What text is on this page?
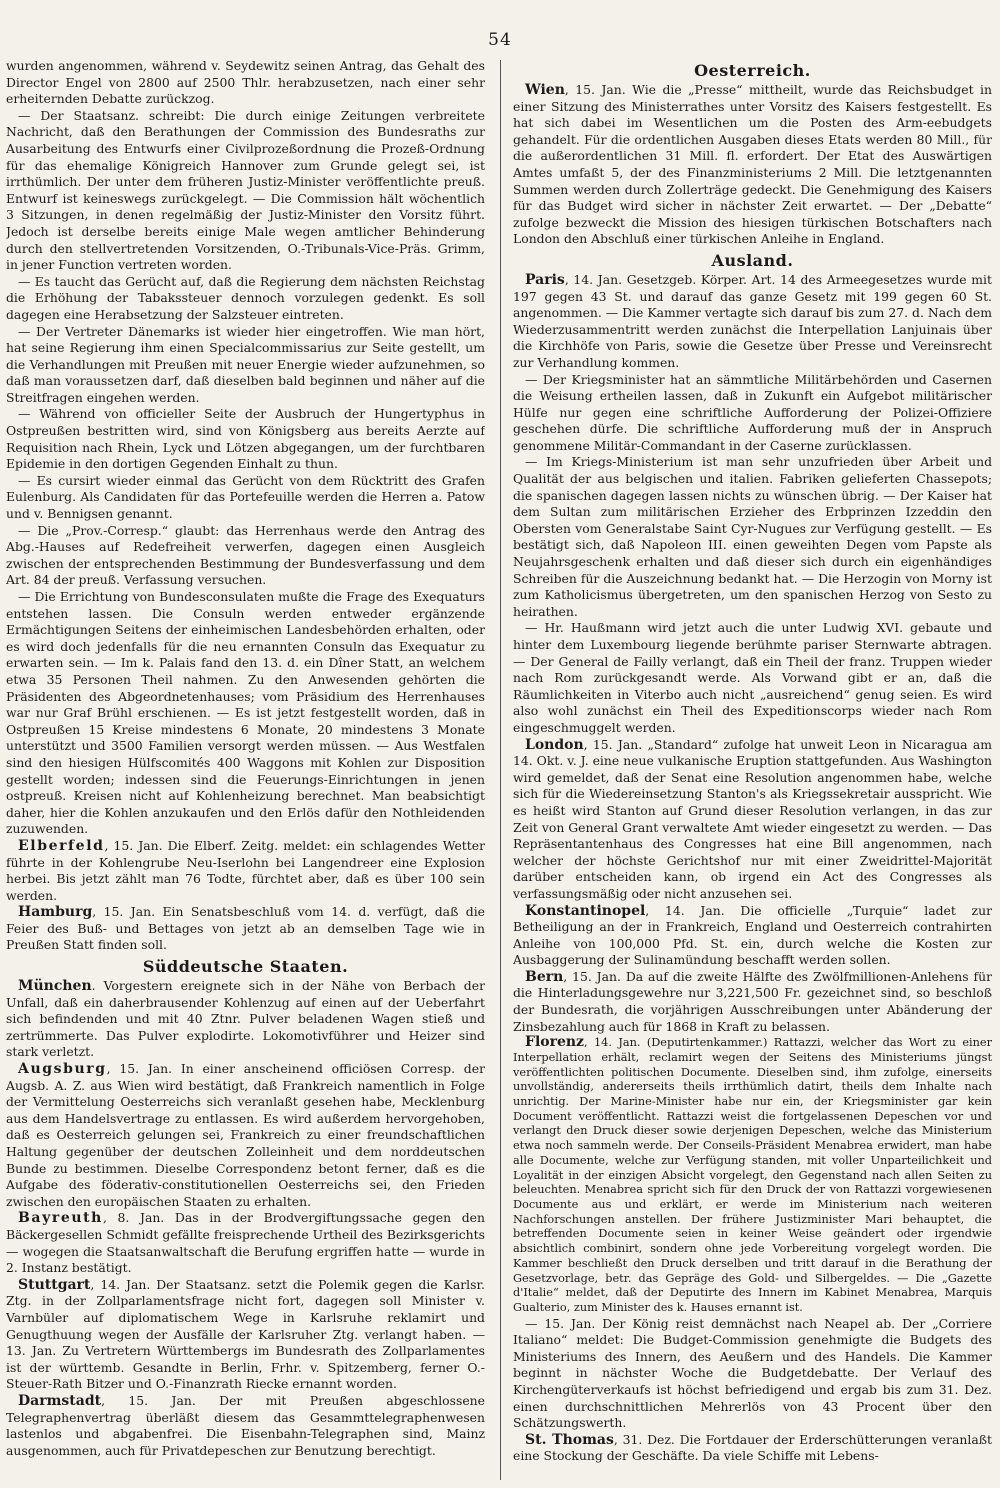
54

wurden angenommen, während v. Seydewitz seinen Antrag, das Gehalt des Director Engel von 2800 auf 2500 Thlr. herabzusetzen, nach einer sehr erheiternden Debatte zurückzog.

— Der Staatsanz. schreibt: Die durch einige Zeitungen verbreitete Nachricht, daß den Berathungen der Commission des Bundesraths zur Ausarbeitung des Entwurfs einer Civilprozeßordnung die Prozeß-Ordnung für das ehemalige Königreich Hannover zum Grunde gelegt sei, ist irrthümlich. Der unter dem früheren Justiz-Minister veröffentlichte preuß. Entwurf ist keineswegs zurückgelegt. — Die Commission hält wöchentlich 3 Sitzungen, in denen regelmäßig der Justiz-Minister den Vorsitz führt. Jedoch ist derselbe bereits einige Male wegen amtlicher Behinderung durch den stellvertretenden Vorsitzenden, O.-Tribunals-Vice-Präs. Grimm, in jener Function vertreten worden.

— Es taucht das Gerücht auf, daß die Regierung dem nächsten Reichstag die Erhöhung der Tabakssteuer dennoch vorzulegen gedenkt. Es soll dagegen eine Herabsetzung der Salzsteuer eintreten.

— Der Vertreter Dänemarks ist wieder hier eingetroffen. Wie man hört, hat seine Regierung ihm einen Specialcommissarius zur Seite gestellt, um die Verhandlungen mit Preußen mit neuer Energie wieder aufzunehmen, so daß man voraussetzen darf, daß dieselben bald beginnen und näher auf die Streitfragen eingehen werden.

— Während von officieller Seite der Ausbruch der Hungertyphus in Ostpreußen bestritten wird, sind von Königsberg aus bereits Aerzte auf Requisition nach Rhein, Lyck und Lötzen abgegangen, um der furchtbaren Epidemie in den dortigen Gegenden Einhalt zu thun.

— Es cursirt wieder einmal das Gerücht von dem Rücktritt des Grafen Eulenburg. Als Candidaten für das Portefeuille werden die Herren a. Patow und v. Bennigsen genannt.

— Die „Prov.-Corresp.“ glaubt: das Herrenhaus werde den Antrag des Abg.-Hauses auf Redefreiheit verwerfen, dagegen einen Ausgleich zwischen der entsprechenden Bestimmung der Bundesverfassung und dem Art. 84 der preuß. Verfassung versuchen.

— Die Errichtung von Bundesconsulaten mußte die Frage des Exequaturs entstehen lassen. Die Consuln werden entweder ergänzende Ermächtigungen Seitens der einheimischen Landesbehörden erhalten, oder es wird doch jedenfalls für die neu ernannten Consuln das Exequatur zu erwarten sein. — Im k. Palais fand den 13. d. ein Dîner Statt, an welchem etwa 35 Personen Theil nahmen. Zu den Anwesenden gehörten die Präsidenten des Abgeordnetenhauses; vom Präsidium des Herrenhauses war nur Graf Brühl erschienen. — Es ist jetzt festgestellt worden, daß in Ostpreußen 15 Kreise mindestens 6 Monate, 20 mindestens 3 Monate unterstützt und 3500 Familien versorgt werden müssen. — Aus Westfalen sind den hiesigen Hülfscomités 400 Waggons mit Kohlen zur Disposition gestellt worden; indessen sind die Feuerungs-Einrichtungen in jenen ostpreuß. Kreisen nicht auf Kohlenheizung berechnet. Man beabsichtigt daher, hier die Kohlen anzukaufen und den Erlös dafür den Nothleidenden zuzuwenden.

Elberfeld, 15. Jan. Die Elberf. Zeitg. meldet: ein schlagendes Wetter führte in der Kohlengrube Neu-Iserlohn bei Langendreer eine Explosion herbei. Bis jetzt zählt man 76 Todte, fürchtet aber, daß es über 100 sein werden.

Hamburg, 15. Jan. Ein Senatsbeschluß vom 14. d. verfügt, daß die Feier des Buß- und Bettages von jetzt ab an demselben Tage wie in Preußen Statt finden soll.

Süddeutsche Staaten.

München. Vorgestern ereignete sich in der Nähe von Berbach der Unfall, daß ein daherbrausender Kohlenzug auf einen auf der Ueberfahrt sich befindenden und mit 40 Ztnr. Pulver beladenen Wagen stieß und zertrümmerte. Das Pulver explodirte. Lokomotivführer und Heizer sind stark verletzt.

Augsburg, 15. Jan. In einer anscheinend officiösen Corresp. der Augsb. A. Z. aus Wien wird bestätigt, daß Frankreich namentlich in Folge der Vermittelung Oesterreichs sich veranlaßt gesehen habe, Mecklenburg aus dem Handelsvertrage zu entlassen. Es wird außerdem hervorgehoben, daß es Oesterreich gelungen sei, Frankreich zu einer freundschaftlichen Haltung gegenüber der deutschen Zolleinheit und dem norddeutschen Bunde zu bestimmen. Dieselbe Correspondenz betont ferner, daß es die Aufgabe des föderativ-constitutionellen Oesterreichs sei, den Frieden zwischen den europäischen Staaten zu erhalten.

Bayreuth, 8. Jan. Das in der Brodvergiftungssache gegen den Bäckergesellen Schmidt gefällte freisprechende Urtheil des Bezirksgerichts — wogegen die Staatsanwaltschaft die Berufung ergriffen hatte — wurde in 2. Instanz bestätigt.

Stuttgart, 14. Jan. Der Staatsanz. setzt die Polemik gegen die Karlsr. Ztg. in der Zollparlamentsfrage nicht fort, dagegen soll Minister v. Varnbüler auf diplomatischem Wege in Karlsruhe reklamirt und Genugthuung wegen der Ausfälle der Karlsruher Ztg. verlangt haben. — 13. Jan. Zu Vertretern Württembergs im Bundesrath des Zollparlamentes ist der württemb. Gesandte in Berlin, Frhr. v. Spitzemberg, ferner O.-Steuer-Rath Bitzer und O.-Finanzrath Riecke ernannt worden.

Darmstadt, 15. Jan. Der mit Preußen abgeschlossene Telegraphenvertrag überläßt diesem das Gesammttelegraphenwesen lastenlos und abgabenfrei. Die Eisenbahn-Telegraphen sind, Mainz ausgenommen, auch für Privatdepeschen zur Benutzung berechtigt.

Oesterreich.

Wien, 15. Jan. Wie die „Presse“ mittheilt, wurde das Reichsbudget in einer Sitzung des Ministerrathes unter Vorsitz des Kaisers festgestellt. Es hat sich dabei im Wesentlichen um die Posten des Arm-eebudgets gehandelt. Für die ordentlichen Ausgaben dieses Etats werden 80 Mill., für die außerordentlichen 31 Mill. fl. erfordert. Der Etat des Auswärtigen Amtes umfaßt 5, der des Finanzministeriums 2 Mill. Die letztgenannten Summen werden durch Zollerträge gedeckt. Die Genehmigung des Kaisers für das Budget wird sicher in nächster Zeit erwartet. — Der „Debatte“ zufolge bezweckt die Mission des hiesigen türkischen Botschafters nach London den Abschluß einer türkischen Anleihe in England.

Ausland.

Paris, 14. Jan. Gesetzgeb. Körper. Art. 14 des Armeegesetzes wurde mit 197 gegen 43 St. und darauf das ganze Gesetz mit 199 gegen 60 St. angenommen. — Die Kammer vertagte sich darauf bis zum 27. d. Nach dem Wiederzusammentritt werden zunächst die Interpellation Lanjuinais über die Kirchhöfe von Paris, sowie die Gesetze über Presse und Vereinsrecht zur Verhandlung kommen.

— Der Kriegsminister hat an sämmtliche Militärbehörden und Casernen die Weisung ertheilen lassen, daß in Zukunft ein Aufgebot militärischer Hülfe nur gegen eine schriftliche Aufforderung der Polizei-Offiziere geschehen dürfe. Die schriftliche Aufforderung muß der in Anspruch genommene Militär-Commandant in der Caserne zurücklassen.

— Im Kriegs-Ministerium ist man sehr unzufrieden über Arbeit und Qualität der aus belgischen und italien. Fabriken gelieferten Chassepots; die spanischen dagegen lassen nichts zu wünschen übrig. — Der Kaiser hat dem Sultan zum militärischen Erzieher des Erbprinzen Izzeddin den Obersten vom Generalstabe Saint Cyr-Nugues zur Verfügung gestellt. — Es bestätigt sich, daß Napoleon III. einen geweihten Degen vom Papste als Neujahrsgeschenk erhalten und daß dieser sich durch ein eigenhändiges Schreiben für die Auszeichnung bedankt hat. — Die Herzogin von Morny ist zum Katholicismus übergetreten, um den spanischen Herzog von Sesto zu heirathen.

— Hr. Haußmann wird jetzt auch die unter Ludwig XVI. gebaute und hinter dem Luxembourg liegende berühmte pariser Sternwarte abtragen. — Der General de Failly verlangt, daß ein Theil der franz. Truppen wieder nach Rom zurückgesandt werde. Als Vorwand gibt er an, daß die Räumlichkeiten in Viterbo auch nicht „ausreichend“ genug seien. Es wird also wohl zunächst ein Theil des Expeditionscorps wieder nach Rom eingeschmuggelt werden.

London, 15. Jan. „Standard“ zufolge hat unweit Leon in Nicaragua am 14. Okt. v. J. eine neue vulkanische Eruption stattgefunden. Aus Washington wird gemeldet, daß der Senat eine Resolution angenommen habe, welche sich für die Wiedereinsetzung Stanton's als Kriegssekretair ausspricht. Wie es heißt wird Stanton auf Grund dieser Resolution verlangen, in das zur Zeit von General Grant verwaltete Amt wieder eingesetzt zu werden. — Das Repräsentantenhaus des Congresses hat eine Bill angenommen, nach welcher der höchste Gerichtshof nur mit einer Zweidrittel-Majorität darüber entscheiden kann, ob irgend ein Act des Congresses als verfassungsmäßig oder nicht anzusehen sei.

Konstantinopel, 14. Jan. Die officielle „Turquie“ ladet zur Betheiligung an der in Frankreich, England und Oesterreich contrahirten Anleihe von 100,000 Pfd. St. ein, durch welche die Kosten zur Ausbaggerung der Sulinamündung beschafft werden sollen.

Bern, 15. Jan. Da auf die zweite Hälfte des Zwölfmillionen-Anlehens für die Hinterladungsgewehre nur 3,221,500 Fr. gezeichnet sind, so beschloß der Bundesrath, die vorjährigen Ausschreibungen unter Abänderung der Zinsbezahlung auch für 1868 in Kraft zu belassen.

Florenz, 14. Jan. (Deputirtenkammer.) Rattazzi, welcher das Wort zu einer Interpellation erhält, reclamirt wegen der Seitens des Ministeriums jüngst veröffentlichten politischen Documente. Dieselben sind, ihm zufolge, einerseits unvollständig, andererseits theils irrthümlich datirt, theils dem Inhalte nach unrichtig. Der Marine-Minister habe nur ein, der Kriegsminister gar kein Document veröffentlicht. Rattazzi weist die fortgelassenen Depeschen vor und verlangt den Druck dieser sowie derjenigen Depeschen, welche das Ministerium etwa noch sammeln werde. Der Conseils-Präsident Menabrea erwidert, man habe alle Documente, welche zur Verfügung standen, mit voller Unparteilichkeit und Loyalität in der einzigen Absicht vorgelegt, den Gegenstand nach allen Seiten zu beleuchten. Menabrea spricht sich für den Druck der von Rattazzi vorgewiesenen Documente aus und erklärt, er werde im Ministerium nach weiteren Nachforschungen anstellen. Der frühere Justizminister Mari behauptet, die betreffenden Documente seien in keiner Weise geändert oder irgendwie absichtlich combinirt, sondern ohne jede Vorbereitung vorgelegt worden. Die Kammer beschließt den Druck derselben und tritt darauf in die Berathung der Gesetzvorlage, betr. das Gepräge des Gold- und Silbergeldes. — Die „Gazette d'Italie“ meldet, daß der Deputirte des Innern im Kabinet Menabrea, Marquis Gualterio, zum Minister des k. Hauses ernannt ist.

— 15. Jan. Der König reist demnächst nach Neapel ab. Der „Corriere Italiano“ meldet: Die Budget-Commission genehmigte die Budgets des Ministeriums des Innern, des Aeußern und des Handels. Die Kammer beginnt in nächster Woche die Budgetdebatte. Der Verlauf des Kirchengüterverkaufs ist höchst befriedigend und ergab bis zum 31. Dez. einen durchschnittlichen Mehrerlös von 43 Procent über den Schätzungswerth.

St. Thomas, 31. Dez. Die Fortdauer der Erderschütterungen veranlaßt eine Stockung der Geschäfte. Da viele Schiffe mit Lebens-
